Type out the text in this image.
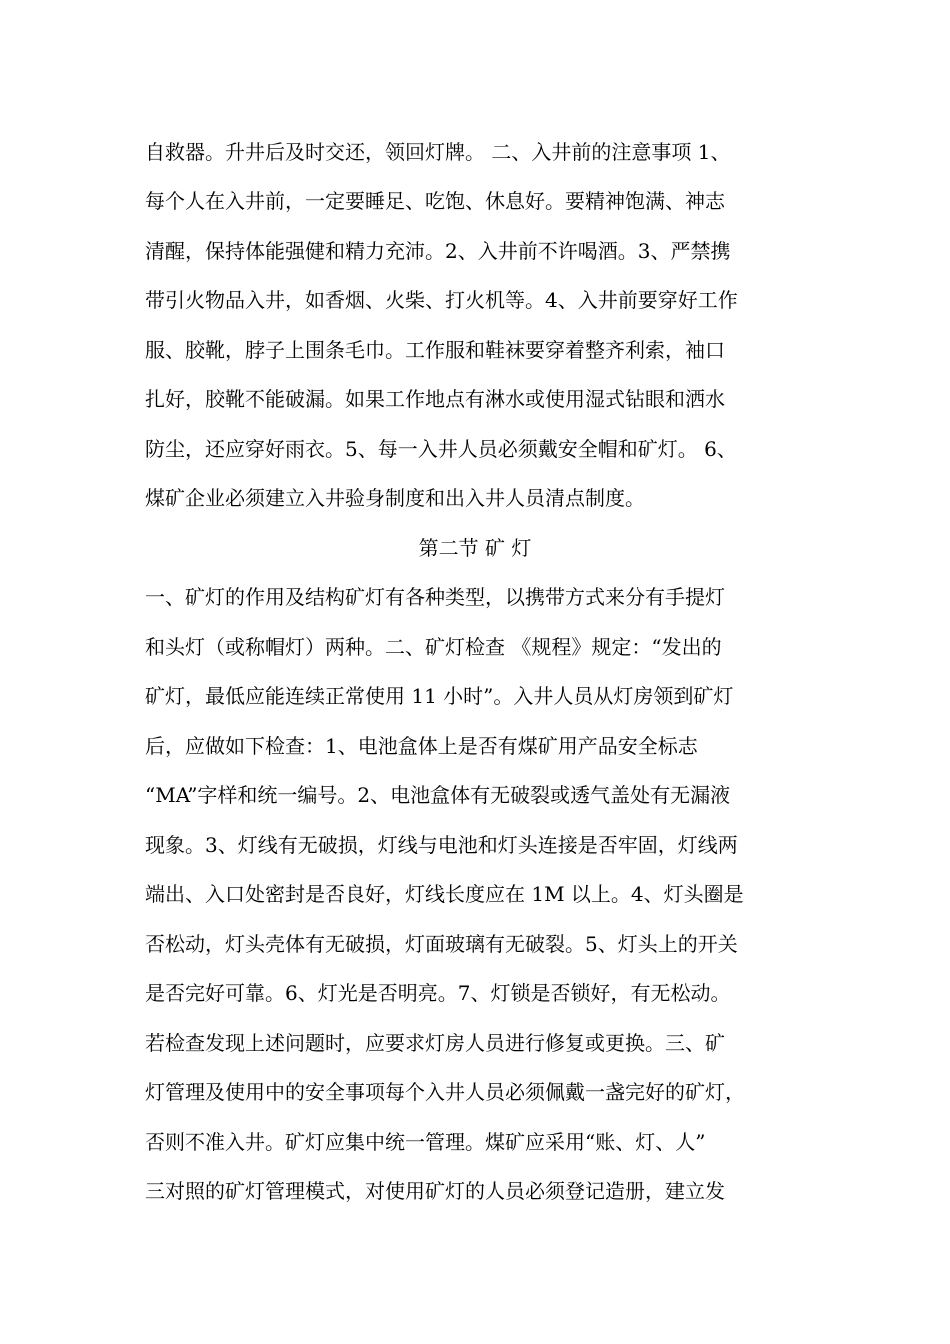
自救器。升井后及时交还，领回灯牌。 二、入井前的注意事项 1、
每个人在入井前，一定要睡足、吃饱、休息好。要精神饱满、神志
清醒，保持体能强健和精力充沛。2、入井前不许喝酒。3、严禁携
带引火物品入井，如香烟、火柴、打火机等。4、入井前要穿好工作
服、胶靴，脖子上围条毛巾。工作服和鞋袜要穿着整齐利索，袖口
扎好，胶靴不能破漏。如果工作地点有淋水或使用湿式钻眼和洒水
防尘，还应穿好雨衣。5、每一入井人员必须戴安全帽和矿灯。 6、
煤矿企业必须建立入井验身制度和出入井人员清点制度。
第二节 矿 灯
一、矿灯的作用及结构矿灯有各种类型，以携带方式来分有手提灯
和头灯（或称帽灯）两种。二、矿灯检查 《规程》规定：“发出的
矿灯，最低应能连续正常使用 11 小时”。入井人员从灯房领到矿灯
后，应做如下检查：1、电池盒体上是否有煤矿用产品安全标志
“MA”字样和统一编号。2、电池盒体有无破裂或透气盖处有无漏液
现象。3、灯线有无破损，灯线与电池和灯头连接是否牢固，灯线两
端出、入口处密封是否良好，灯线长度应在 1M 以上。4、灯头圈是
否松动，灯头壳体有无破损，灯面玻璃有无破裂。5、灯头上的开关
是否完好可靠。6、灯光是否明亮。7、灯锁是否锁好，有无松动。
若检查发现上述问题时，应要求灯房人员进行修复或更换。三、矿
灯管理及使用中的安全事项每个入井人员必须佩戴一盏完好的矿灯，
否则不准入井。矿灯应集中统一管理。煤矿应采用“账、灯、人”
三对照的矿灯管理模式，对使用矿灯的人员必须登记造册，建立发
